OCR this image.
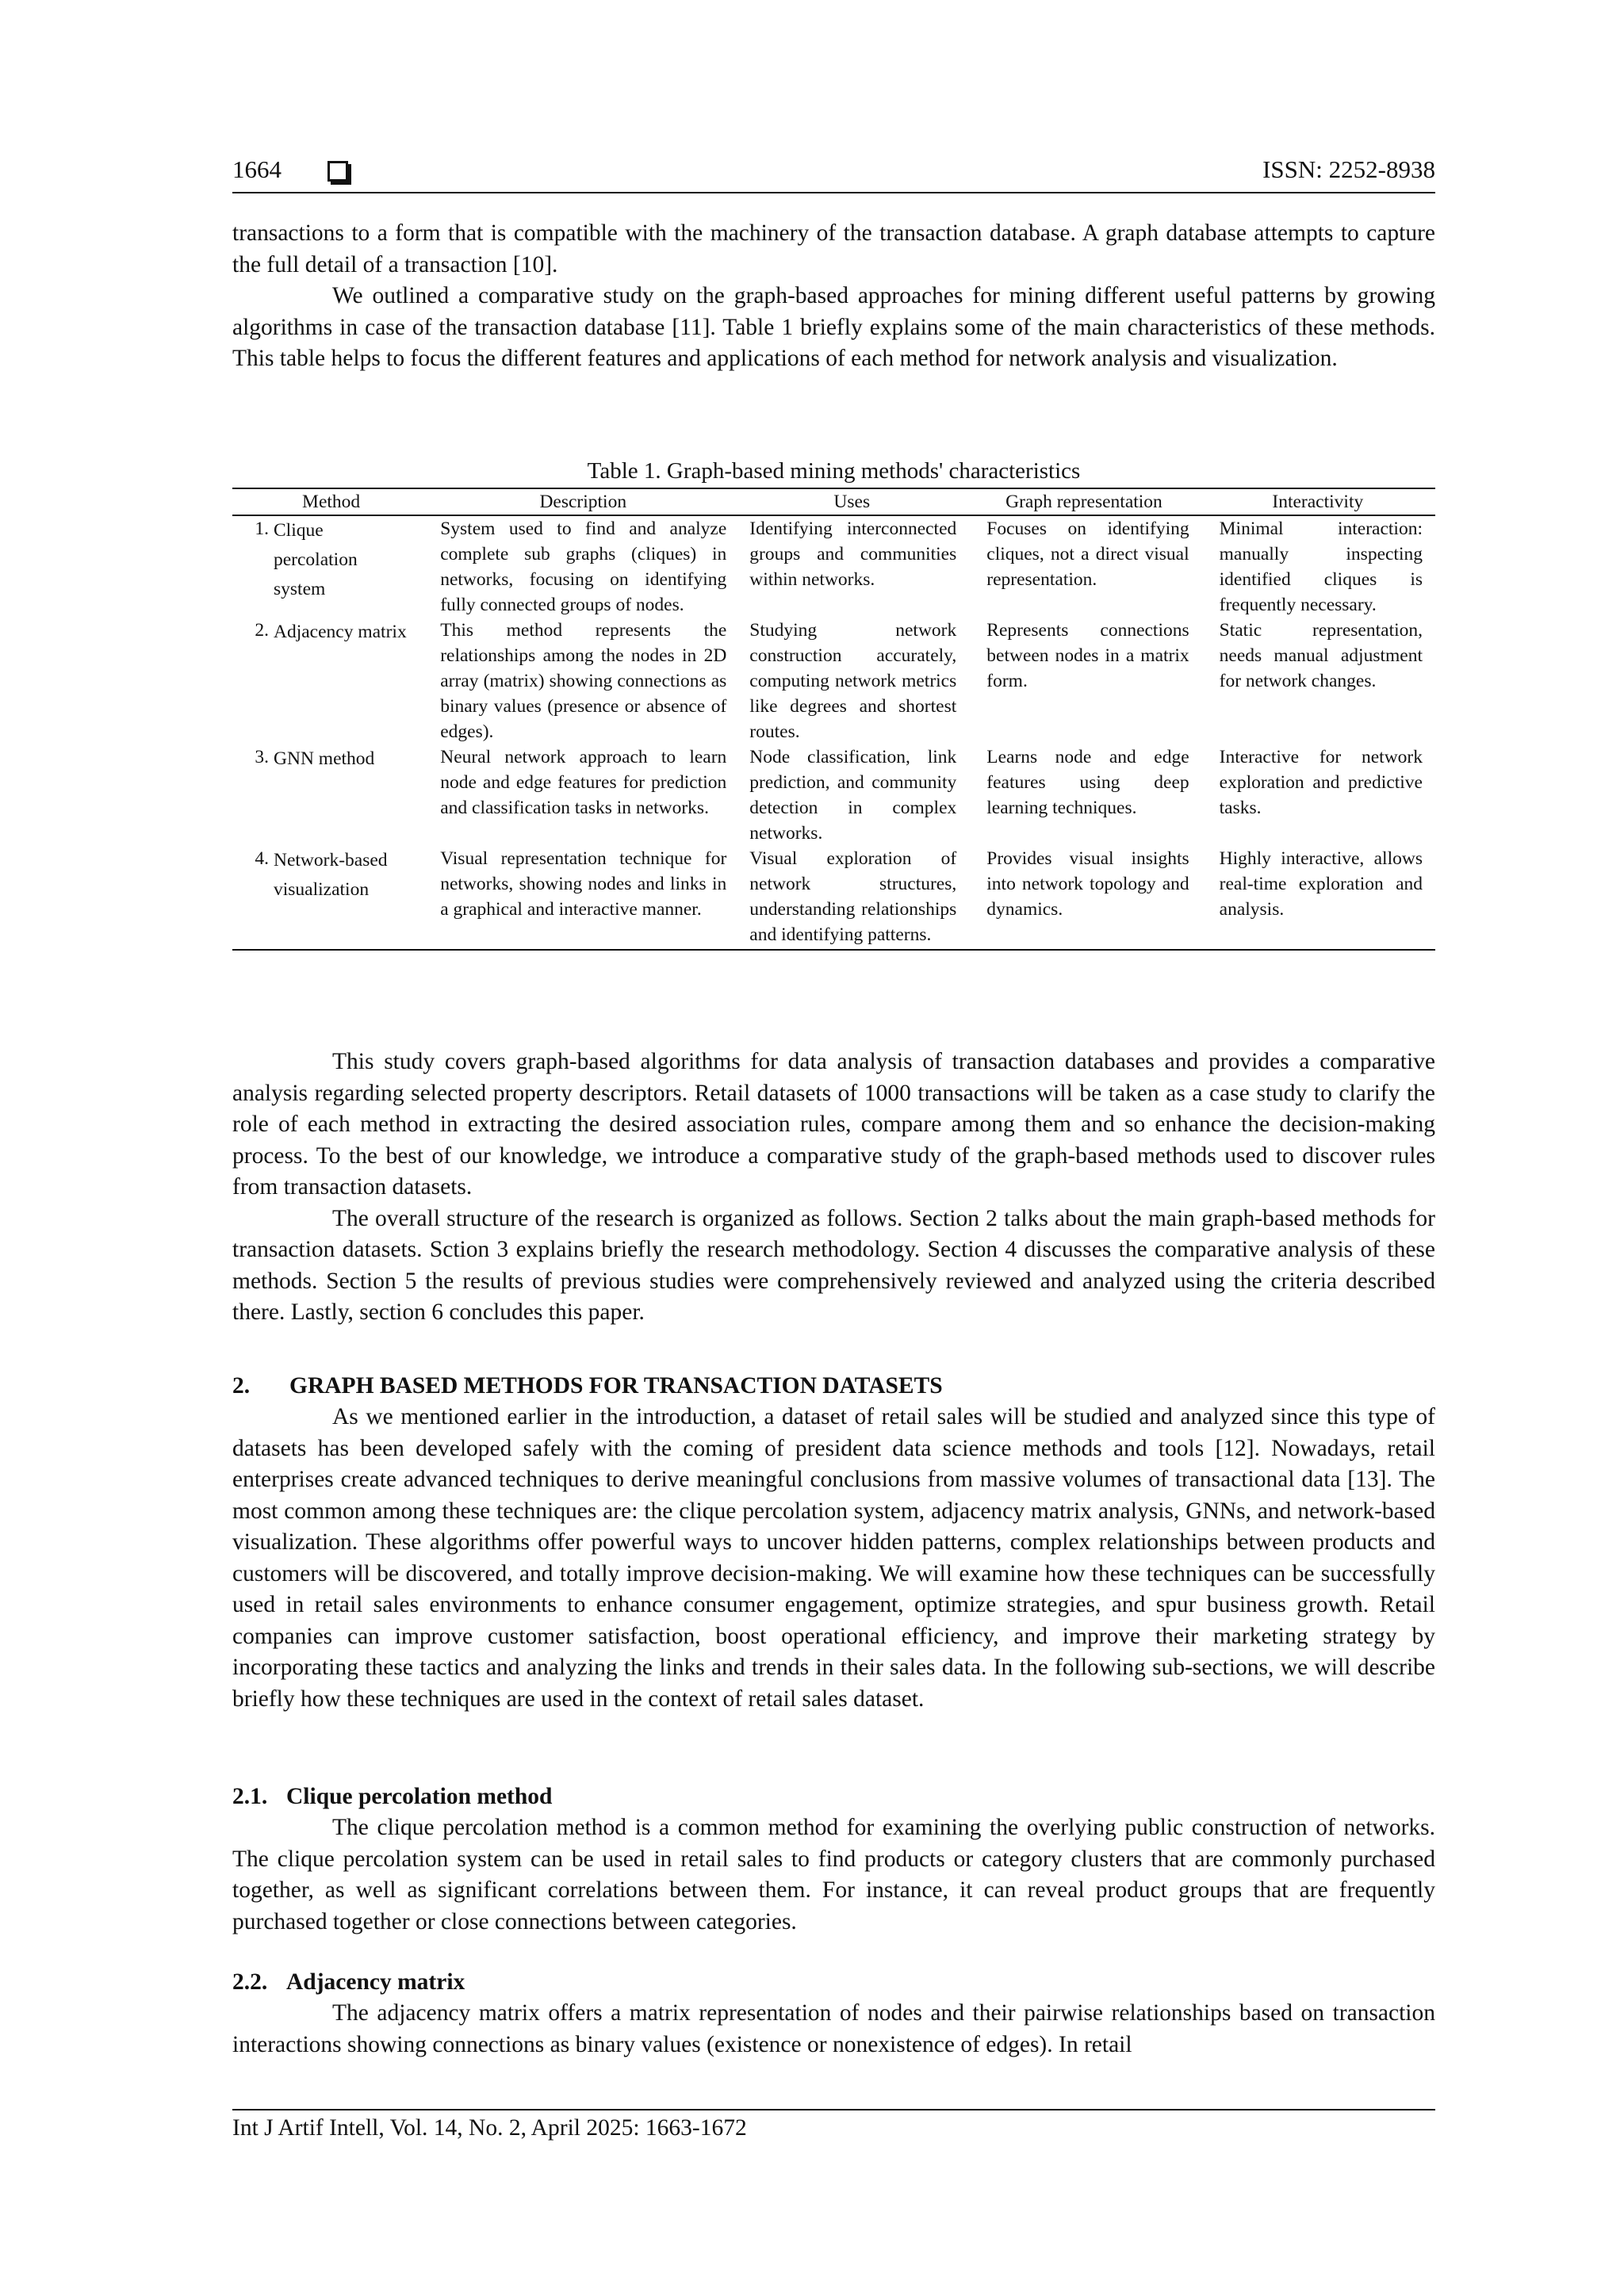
1664	ISSN: 2252-8938

transactions to a form that is compatible with the machinery of the transaction database. A graph database attempts to capture the full detail of a transaction [10].

We outlined a comparative study on the graph-based approaches for mining different useful patterns by growing algorithms in case of the transaction database [11]. Table 1 briefly explains some of the main characteristics of these methods. This table helps to focus the different features and applications of each method for network analysis and visualization.

Table 1. Graph-based mining methods' characteristics
Method	Description	Uses	Graph representation	Interactivity

1. Clique percolation system	System used to find and analyze complete sub graphs (cliques) in networks, focusing on identifying fully connected groups of nodes.	Identifying interconnected groups and communities within networks.	Focuses on identifying cliques, not a direct visual representation.	Minimal interaction: manually inspecting identified cliques is frequently necessary.

2. Adjacency matrix	This method represents the relationships among the nodes in 2D array (matrix) showing connections as binary values (presence or absence of edges).	Studying network construction accurately, computing network metrics like degrees and shortest routes.	Represents connections between nodes in a matrix form.	Static representation, needs manual adjustment for network changes.

3. GNN method	Neural network approach to learn node and edge features for prediction and classification tasks in networks.	Node classification, link prediction, and community detection in complex networks.	Learns node and edge features using deep learning techniques.	Interactive for network exploration and predictive tasks.

4. Network-based visualization	Visual representation technique for networks, showing nodes and links in a graphical and interactive manner.	Visual exploration of network structures, understanding relationships and identifying patterns.	Provides visual insights into network topology and dynamics.	Highly interactive, allows real-time exploration and analysis.

This study covers graph-based algorithms for data analysis of transaction databases and provides a comparative analysis regarding selected property descriptors. Retail datasets of 1000 transactions will be taken as a case study to clarify the role of each method in extracting the desired association rules, compare among them and so enhance the decision-making process. To the best of our knowledge, we introduce a comparative study of the graph-based methods used to discover rules from transaction datasets.

The overall structure of the research is organized as follows. Section 2 talks about the main graph-based methods for transaction datasets. Sction 3 explains briefly the research methodology. Section 4 discusses the comparative analysis of these methods. Section 5 the results of previous studies were comprehensively reviewed and analyzed using the criteria described there. Lastly, section 6 concludes this paper.

2. GRAPH BASED METHODS FOR TRANSACTION DATASETS

As we mentioned earlier in the introduction, a dataset of retail sales will be studied and analyzed since this type of datasets has been developed safely with the coming of president data science methods and tools [12]. Nowadays, retail enterprises create advanced techniques to derive meaningful conclusions from massive volumes of transactional data [13]. The most common among these techniques are: the clique percolation system, adjacency matrix analysis, GNNs, and network-based visualization. These algorithms offer powerful ways to uncover hidden patterns, complex relationships between products and customers will be discovered, and totally improve decision-making. We will examine how these techniques can be successfully used in retail sales environments to enhance consumer engagement, optimize strategies, and spur business growth. Retail companies can improve customer satisfaction, boost operational efficiency, and improve their marketing strategy by incorporating these tactics and analyzing the links and trends in their sales data. In the following sub-sections, we will describe briefly how these techniques are used in the context of retail sales dataset.

2.1. Clique percolation method

The clique percolation method is a common method for examining the overlying public construction of networks. The clique percolation system can be used in retail sales to find products or category clusters that are commonly purchased together, as well as significant correlations between them. For instance, it can reveal product groups that are frequently purchased together or close connections between categories.

2.2. Adjacency matrix

The adjacency matrix offers a matrix representation of nodes and their pairwise relationships based on transaction interactions showing connections as binary values (existence or nonexistence of edges). In retail

Int J Artif Intell, Vol. 14, No. 2, April 2025: 1663-1672
